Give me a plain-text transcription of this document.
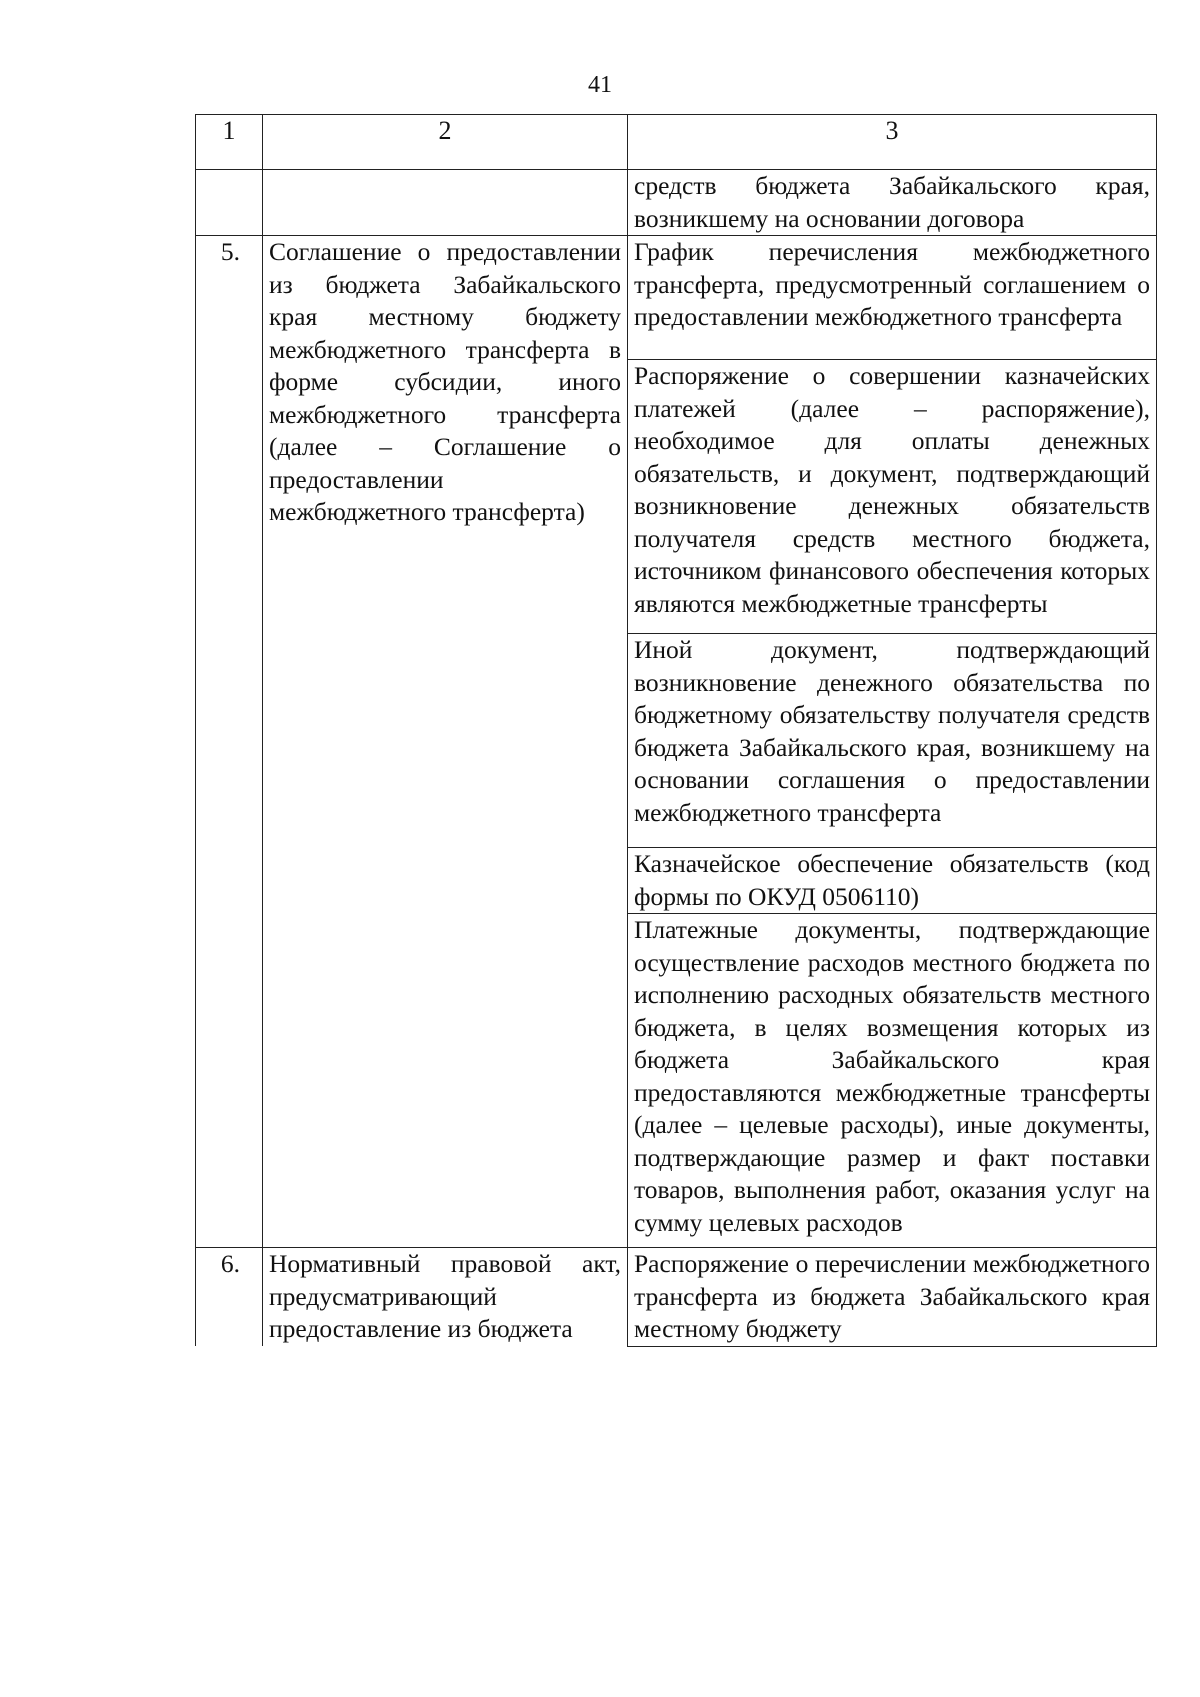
41
1	2	3
		средств бюджета Забайкальского края, возникшему на основании договора
5.	Соглашение о предоставлении из бюджета Забайкальского края местному бюджету межбюджетного трансферта в форме субсидии, иного межбюджетного трансферта (далее – Соглашение о предоставлении межбюджетного трансферта)	График перечисления межбюджетного трансферта, предусмотренный соглашением о предоставлении межбюджетного трансферта
		Распоряжение о совершении казначейских платежей (далее – распоряжение), необходимое для оплаты денежных обязательств, и документ, подтверждающий возникновение денежных обязательств получателя средств местного бюджета, источником финансового обеспечения которых являются межбюджетные трансферты
		Иной документ, подтверждающий возникновение денежного обязательства по бюджетному обязательству получателя средств бюджета Забайкальского края, возникшему на основании соглашения о предоставлении межбюджетного трансферта
		Казначейское обеспечение обязательств (код формы по ОКУД 0506110)
		Платежные документы, подтверждающие осуществление расходов местного бюджета по исполнению расходных обязательств местного бюджета, в целях возмещения которых из бюджета Забайкальского края предоставляются межбюджетные трансферты (далее – целевые расходы), иные документы, подтверждающие размер и факт поставки товаров, выполнения работ, оказания услуг на сумму целевых расходов
6.	Нормативный правовой акт, предусматривающий предоставление из бюджета	Распоряжение о перечислении межбюджетного трансферта из бюджета Забайкальского края местному бюджету
